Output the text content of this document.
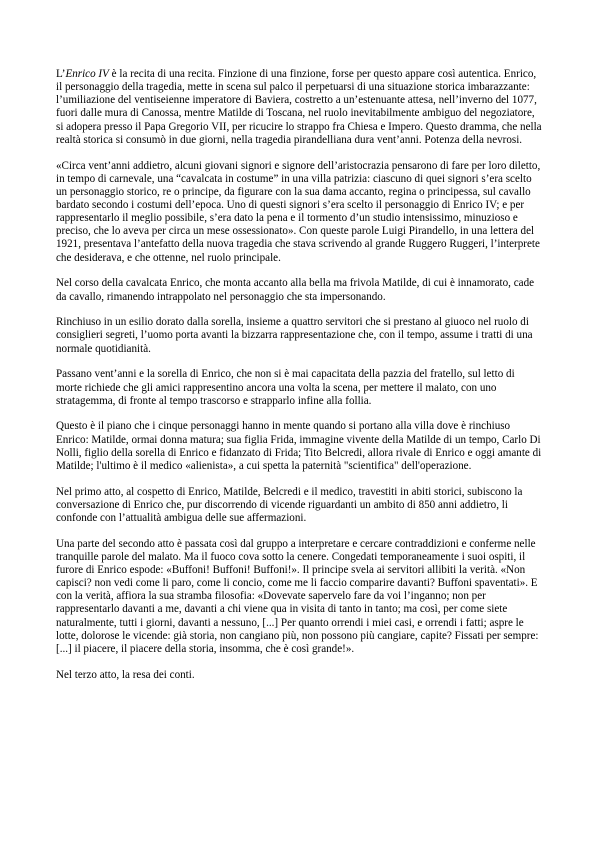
L’Enrico IV è la recita di una recita. Finzione di una finzione, forse per questo appare così autentica. Enrico, il personaggio della tragedia, mette in scena sul palco il perpetuarsi di una situazione storica imbarazzante: l’umiliazione del ventiseienne imperatore di Baviera, costretto a un’estenuante attesa, nell’inverno del 1077, fuori dalle mura di Canossa, mentre Matilde di Toscana, nel ruolo inevitabilmente ambiguo del negoziatore, si adopera presso il Papa Gregorio VII, per ricucire lo strappo fra Chiesa e Impero. Questo dramma, che nella realtà storica si consumò in due giorni, nella tragedia pirandelliana dura vent’anni. Potenza della nevrosi.

«Circa vent’anni addietro, alcuni giovani signori e signore dell’aristocrazia pensarono di fare per loro diletto, in tempo di carnevale, una “cavalcata in costume” in una villa patrizia: ciascuno di quei signori s’era scelto un personaggio storico, re o principe, da figurare con la sua dama accanto, regina o principessa, sul cavallo bardato secondo i costumi dell’epoca. Uno di questi signori s’era scelto il personaggio di Enrico IV; e per rappresentarlo il meglio possibile, s’era dato la pena e il tormento d’un studio intensissimo, minuzioso e preciso, che lo aveva per circa un mese ossessionato». Con queste parole Luigi Pirandello, in una lettera del 1921, presentava l’antefatto della nuova tragedia che stava scrivendo al grande Ruggero Ruggeri, l’interprete che desiderava, e che ottenne, nel ruolo principale.

Nel corso della cavalcata Enrico, che monta accanto alla bella ma frivola Matilde, di cui è innamorato, cade da cavallo, rimanendo intrappolato nel personaggio che sta impersonando.

Rinchiuso in un esilio dorato dalla sorella, insieme a quattro servitori che si prestano al giuoco nel ruolo di consiglieri segreti, l’uomo porta avanti la bizzarra rappresentazione che, con il tempo, assume i tratti di una normale quotidianità.

Passano vent’anni e la sorella di Enrico, che non si è mai capacitata della pazzia del fratello, sul letto di morte richiede che gli amici rappresentino ancora una volta la scena, per mettere il malato, con uno stratagemma, di fronte al tempo trascorso e strapparlo infine alla follia.

Questo è il piano che i cinque personaggi hanno in mente quando si portano alla villa dove è rinchiuso Enrico: Matilde, ormai donna matura; sua figlia Frida, immagine vivente della Matilde di un tempo, Carlo Di Nolli, figlio della sorella di Enrico e fidanzato di Frida; Tito Belcredi, allora rivale di Enrico e oggi amante di Matilde; l'ultimo è il medico «alienista», a cui spetta la paternità "scientifica" dell'operazione.

Nel primo atto, al cospetto di Enrico, Matilde, Belcredi e il medico, travestiti in abiti storici, subiscono la conversazione di Enrico che, pur discorrendo di vicende riguardanti un ambito di 850 anni addietro, li confonde con l’attualità ambigua delle sue affermazioni.

Una parte del secondo atto è passata così dal gruppo a interpretare e cercare contraddizioni e conferme nelle tranquille parole del malato. Ma il fuoco cova sotto la cenere. Congedati temporaneamente i suoi ospiti, il furore di Enrico espode: «Buffoni! Buffoni! Buffoni!». Il principe svela ai servitori allibiti la verità. «Non capisci? non vedi come li paro, come li concio, come me li faccio comparire davanti? Buffoni spaventati». E con la verità, affiora la sua stramba filosofia: «Dovevate sapervelo fare da voi l’inganno; non per rappresentarlo davanti a me, davanti a chi viene qua in visita di tanto in tanto; ma così, per come siete naturalmente, tutti i giorni, davanti a nessuno, [...] Per quanto orrendi i miei casi, e orrendi i fatti; aspre le lotte, dolorose le vicende: già storia, non cangiano più, non possono più cangiare, capite? Fissati per sempre: [...] il piacere, il piacere della storia, insomma, che è così grande!».

Nel terzo atto, la resa dei conti.
